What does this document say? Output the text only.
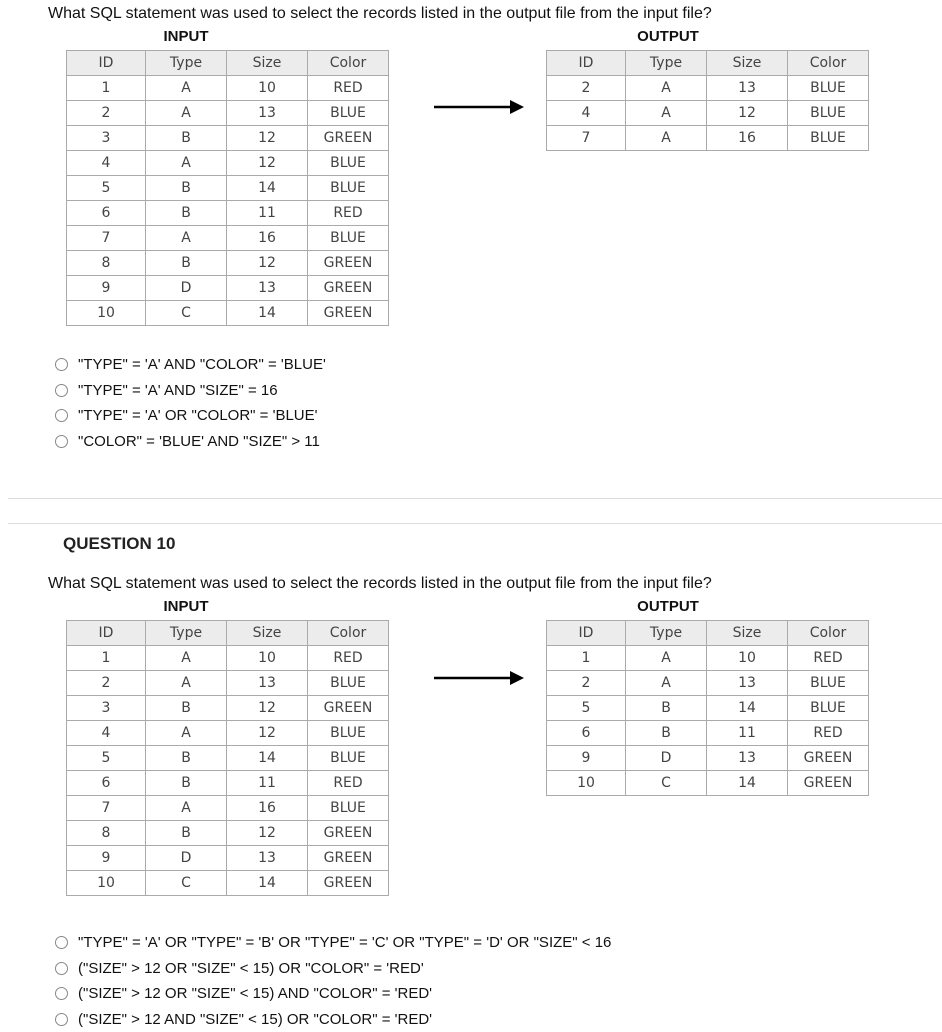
What SQL statement was used to select the records listed in the output file from the input file?
INPUT	OUTPUT
ID	Type	Size	Color
1	A	10	RED
2	A	13	BLUE
3	B	12	GREEN
4	A	12	BLUE
5	B	14	BLUE
6	B	11	RED
7	A	16	BLUE
8	B	12	GREEN
9	D	13	GREEN
10	C	14	GREEN
ID	Type	Size	Color
2	A	13	BLUE
4	A	12	BLUE
7	A	16	BLUE
"TYPE" = 'A' AND "COLOR" = 'BLUE'
"TYPE" = 'A' AND "SIZE" = 16
"TYPE" = 'A' OR "COLOR" = 'BLUE'
"COLOR" = 'BLUE' AND "SIZE" > 11
QUESTION 10
What SQL statement was used to select the records listed in the output file from the input file?
INPUT	OUTPUT
ID	Type	Size	Color
1	A	10	RED
2	A	13	BLUE
3	B	12	GREEN
4	A	12	BLUE
5	B	14	BLUE
6	B	11	RED
7	A	16	BLUE
8	B	12	GREEN
9	D	13	GREEN
10	C	14	GREEN
ID	Type	Size	Color
1	A	10	RED
2	A	13	BLUE
5	B	14	BLUE
6	B	11	RED
9	D	13	GREEN
10	C	14	GREEN
"TYPE" = 'A' OR "TYPE" = 'B' OR "TYPE" = 'C' OR "TYPE" = 'D' OR "SIZE" < 16
("SIZE" > 12 OR "SIZE" < 15) OR "COLOR" = 'RED'
("SIZE" > 12 OR "SIZE" < 15) AND "COLOR" = 'RED'
("SIZE" > 12 AND "SIZE" < 15) OR "COLOR" = 'RED'
